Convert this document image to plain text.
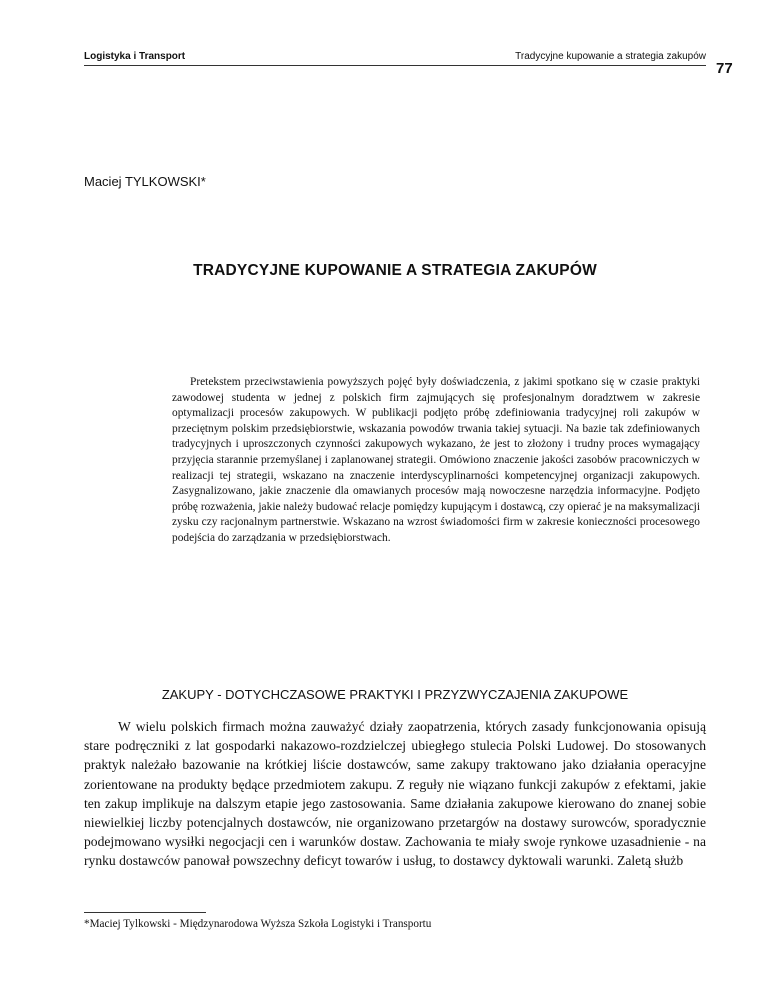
Logistyka i Transport	Tradycyjne kupowanie a strategia zakupów
77
Maciej TYLKOWSKI*
TRADYCYJNE KUPOWANIE A STRATEGIA ZAKUPÓW

Pretekstem przeciwstawienia powyższych pojęć były doświadczenia, z jakimi spotkano się w czasie praktyki zawodowej studenta w jednej z polskich firm zajmujących się profesjonalnym doradztwem w zakresie optymalizacji procesów zakupowych. W publikacji podjęto próbę zdefiniowania tradycyjnej roli zakupów w przeciętnym polskim przedsiębiorstwie, wskazania powodów trwania takiej sytuacji. Na bazie tak zdefiniowanych tradycyjnych i uproszczonych czynności zakupowych wykazano, że jest to złożony i trudny proces wymagający przyjęcia starannie przemyślanej i zaplanowanej strategii. Omówiono znaczenie jakości zasobów pracowniczych w realizacji tej strategii, wskazano na znaczenie interdyscyplinarności kompetencyjnej organizacji zakupowych. Zasygnalizowano, jakie znaczenie dla omawianych procesów mają nowoczesne narzędzia informacyjne. Podjęto próbę rozważenia, jakie należy budować relacje pomiędzy kupującym i dostawcą, czy opierać je na maksymalizacji zysku czy racjonalnym partnerstwie. Wskazano na wzrost świadomości firm w zakresie konieczności procesowego podejścia do zarządzania w przedsiębiorstwach.

ZAKUPY - DOTYCHCZASOWE PRAKTYKI I PRZYZWYCZAJENIA ZAKUPOWE

W wielu polskich firmach można zauważyć działy zaopatrzenia, których zasady funkcjonowania opisują stare podręczniki z lat gospodarki nakazowo-rozdzielczej ubiegłego stulecia Polski Ludowej. Do stosowanych praktyk należało bazowanie na krótkiej liście dostawców, same zakupy traktowano jako działania operacyjne zorientowane na produkty będące przedmiotem zakupu. Z reguły nie wiązano funkcji zakupów z efektami, jakie ten zakup implikuje na dalszym etapie jego zastosowania. Same działania zakupowe kierowano do znanej sobie niewielkiej liczby potencjalnych dostawców, nie organizowano przetargów na dostawy surowców, sporadycznie podejmowano wysiłki negocjacji cen i warunków dostaw. Zachowania te miały swoje rynkowe uzasadnienie - na rynku dostawców panował powszechny deficyt towarów i usług, to dostawcy dyktowali warunki. Zaletą służb

*Maciej Tylkowski - Międzynarodowa Wyższa Szkoła Logistyki i Transportu
